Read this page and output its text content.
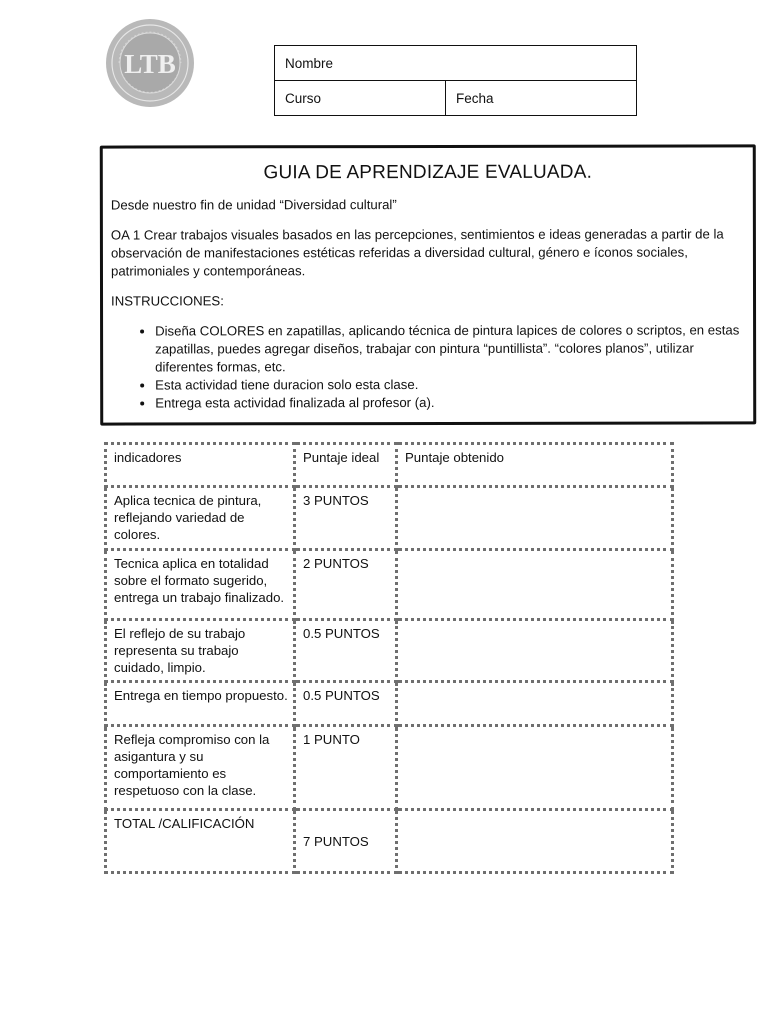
LTB	Nombre
Curso	Fecha
GUIA DE APRENDIZAJE EVALUADA.

Desde nuestro fin de unidad “Diversidad cultural”

OA 1 Crear trabajos visuales basados en las percepciones, sentimientos e ideas generadas a partir de la observación de manifestaciones estéticas referidas a diversidad cultural, género e íconos sociales, patrimoniales y contemporáneas.

INSTRUCCIONES:

• Diseña COLORES en zapatillas, aplicando técnica de pintura lapices de colores o scriptos, en estas zapatillas, puedes agregar diseños, trabajar con pintura “puntillista”. “colores planos”, utilizar diferentes formas, etc.
• Esta actividad tiene duracion solo esta clase.
• Entrega esta actividad finalizada al profesor (a).
indicadores	Puntaje ideal	Puntaje obtenido
Aplica tecnica de pintura, reflejando variedad de colores.	3 PUNTOS	
Tecnica aplica en totalidad sobre el formato sugerido, entrega un trabajo finalizado.	2 PUNTOS	
El reflejo de su trabajo representa su trabajo cuidado, limpio.	0.5 PUNTOS	
Entrega en tiempo propuesto.	0.5 PUNTOS	
Refleja compromiso con la asigantura y su comportamiento es respetuoso con la clase.	1 PUNTO	
TOTAL /CALIFICACIÓN	7 PUNTOS	
